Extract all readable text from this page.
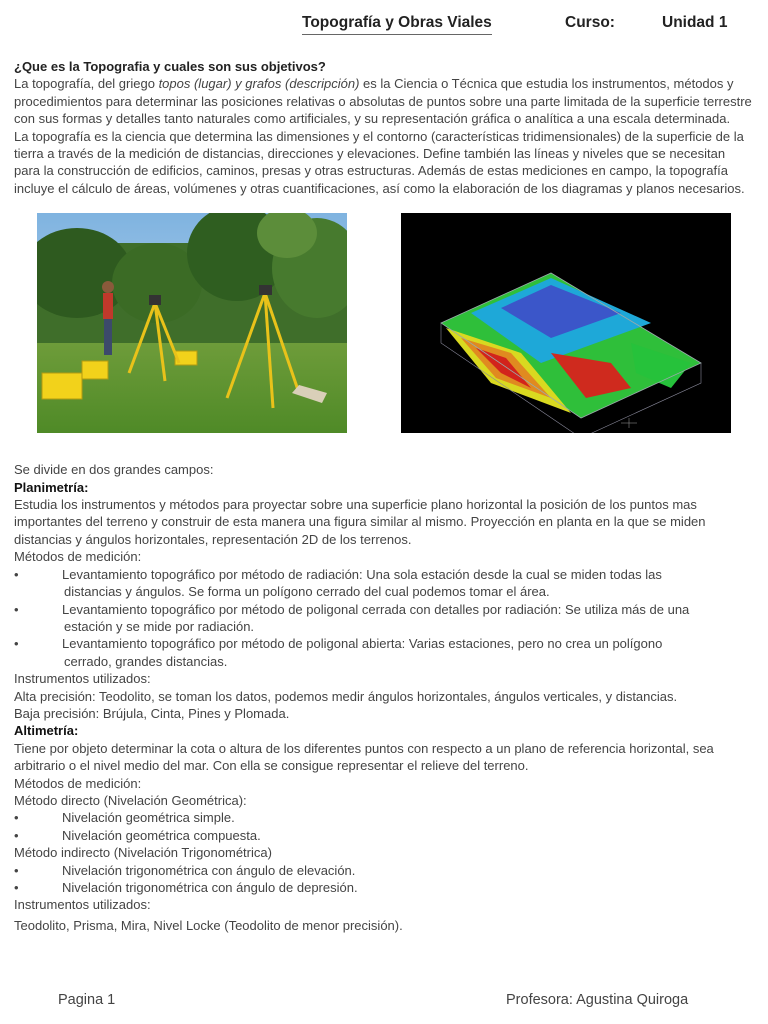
Topografía y Obras Viales	Curso:	Unidad 1

¿Que es la Topografia y cuales son sus objetivos?

La topografía, del griego topos (lugar) y grafos (descripción) es la Ciencia o Técnica que estudia los instrumentos, métodos y procedimientos para determinar las posiciones relativas o absolutas de puntos sobre una parte limitada de la superficie terrestre con sus formas y detalles tanto naturales como artificiales, y su representación gráfica o analítica a una escala determinada.

La topografía es la ciencia que determina las dimensiones y el contorno (características tridimensionales) de la superficie de la tierra a través de la medición de distancias, direcciones y elevaciones. Define también las líneas y niveles que se necesitan para la construcción de edificios, caminos, presas y otras estructuras. Además de estas mediciones en campo, la topografía incluye el cálculo de áreas, volúmenes y otras cuantificaciones, así como la elaboración de los diagramas y planos necesarios.

Se divide en dos grandes campos:

Planimetría:

Estudia los instrumentos y métodos para proyectar sobre una superficie plano horizontal la posición de los puntos mas importantes del terreno y construir de esta manera una figura similar al mismo. Proyección en planta en la que se miden distancias y ángulos horizontales, representación 2D de los terrenos.

Métodos de medición:

•	Levantamiento topográfico por método de radiación: Una sola estación desde la cual se miden todas las
distancias y ángulos. Se forma un polígono cerrado del cual podemos tomar el área.
•	Levantamiento topográfico por método de poligonal cerrada con detalles por radiación: Se utiliza más de una
estación y se mide por radiación.
•	Levantamiento topográfico por método de poligonal abierta: Varias estaciones, pero no crea un polígono
cerrado, grandes distancias.

Instrumentos utilizados:

Alta precisión: Teodolito, se toman los datos, podemos medir ángulos horizontales, ángulos verticales, y distancias.

Baja precisión: Brújula, Cinta, Pines y Plomada.

Altimetría:

Tiene por objeto determinar la cota o altura de los diferentes puntos con respecto a un plano de referencia horizontal, sea arbitrario o el nivel medio del mar. Con ella se consigue representar el relieve del terreno.

Métodos de medición:

Método directo (Nivelación Geométrica):

•	Nivelación geométrica simple.
•	Nivelación geométrica compuesta.

Método indirecto (Nivelación Trigonométrica)

•	Nivelación trigonométrica con ángulo de elevación.
•	Nivelación trigonométrica con ángulo de depresión.

Instrumentos utilizados:

Teodolito, Prisma, Mira, Nivel Locke (Teodolito de menor precisión).

Pagina 1	Profesora: Agustina Quiroga
